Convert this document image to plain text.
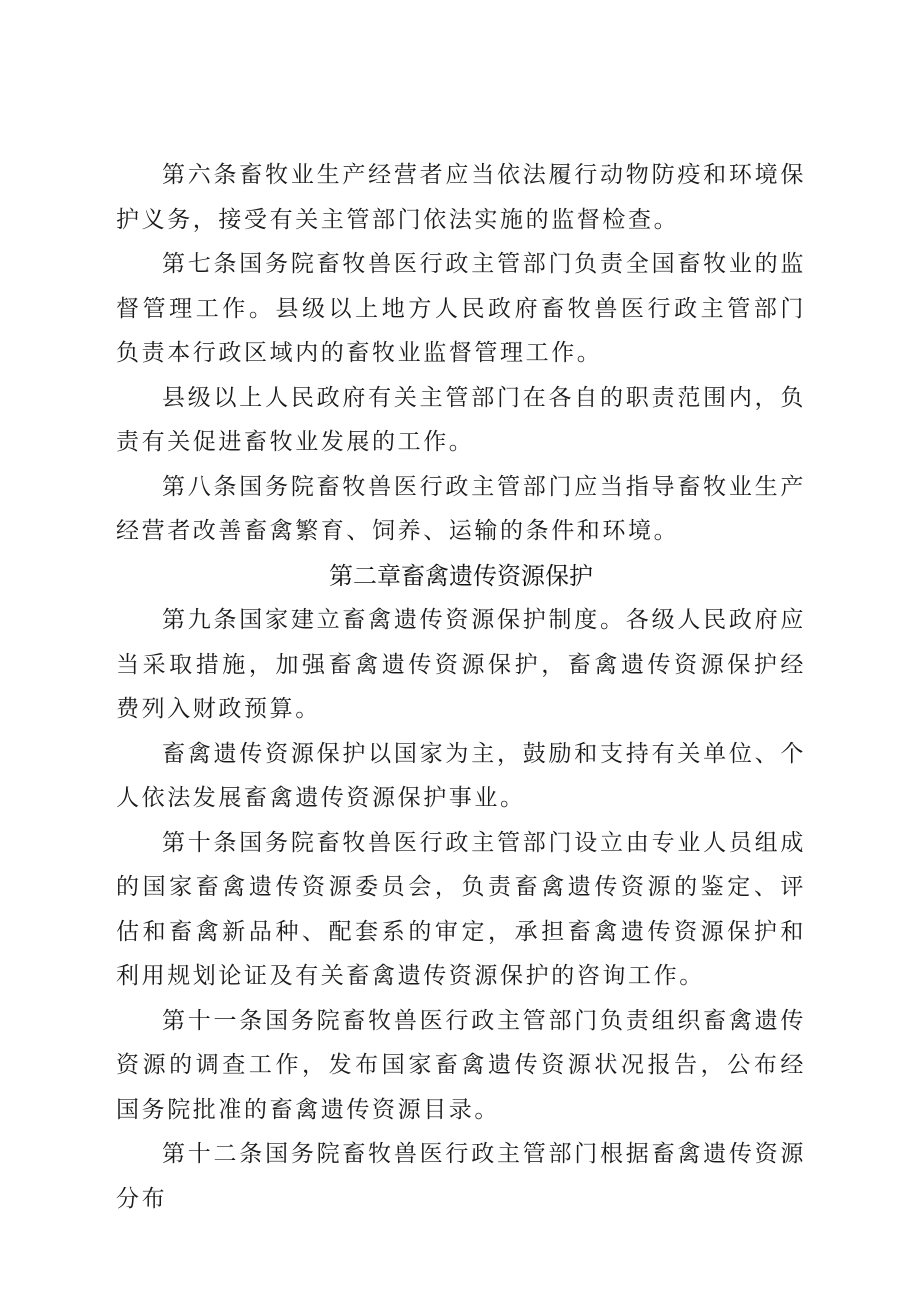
第六条畜牧业生产经营者应当依法履行动物防疫和环境保护义务，接受有关主管部门依法实施的监督检查。

第七条国务院畜牧兽医行政主管部门负责全国畜牧业的监督管理工作。县级以上地方人民政府畜牧兽医行政主管部门负责本行政区域内的畜牧业监督管理工作。

县级以上人民政府有关主管部门在各自的职责范围内，负责有关促进畜牧业发展的工作。

第八条国务院畜牧兽医行政主管部门应当指导畜牧业生产经营者改善畜禽繁育、饲养、运输的条件和环境。

第二章畜禽遗传资源保护

第九条国家建立畜禽遗传资源保护制度。各级人民政府应当采取措施，加强畜禽遗传资源保护，畜禽遗传资源保护经费列入财政预算。

畜禽遗传资源保护以国家为主，鼓励和支持有关单位、个人依法发展畜禽遗传资源保护事业。

第十条国务院畜牧兽医行政主管部门设立由专业人员组成的国家畜禽遗传资源委员会，负责畜禽遗传资源的鉴定、评估和畜禽新品种、配套系的审定，承担畜禽遗传资源保护和利用规划论证及有关畜禽遗传资源保护的咨询工作。

第十一条国务院畜牧兽医行政主管部门负责组织畜禽遗传资源的调查工作，发布国家畜禽遗传资源状况报告，公布经国务院批准的畜禽遗传资源目录。

第十二条国务院畜牧兽医行政主管部门根据畜禽遗传资源分布
